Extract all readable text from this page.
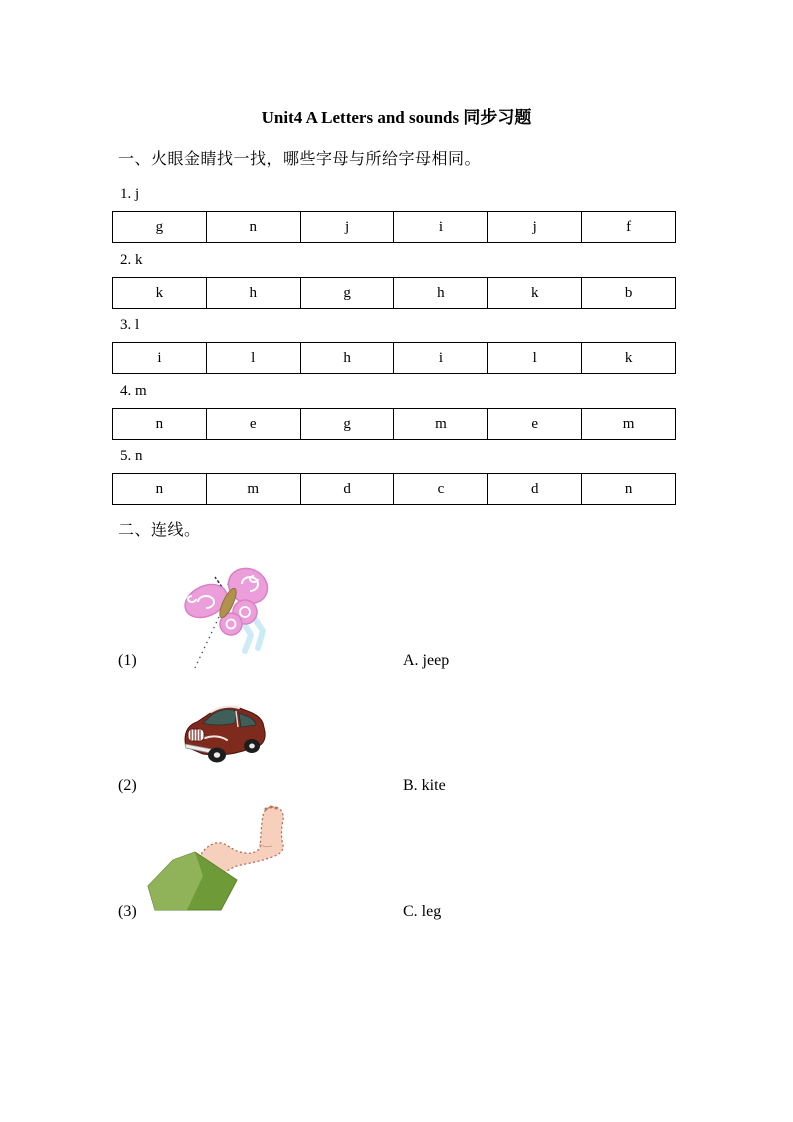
Unit4 A Letters and sounds 同步习题
一、火眼金睛找一找，哪些字母与所给字母相同。
1. j
g	n	j	i	j	f
2. k
k	h	g	h	k	b
3. l
i	l	h	i	l	k
4. m
n	e	g	m	e	m
5. n
n	m	d	c	d	n
二、连线。
(1)	A. jeep
(2)	B. kite
(3)	C. leg
